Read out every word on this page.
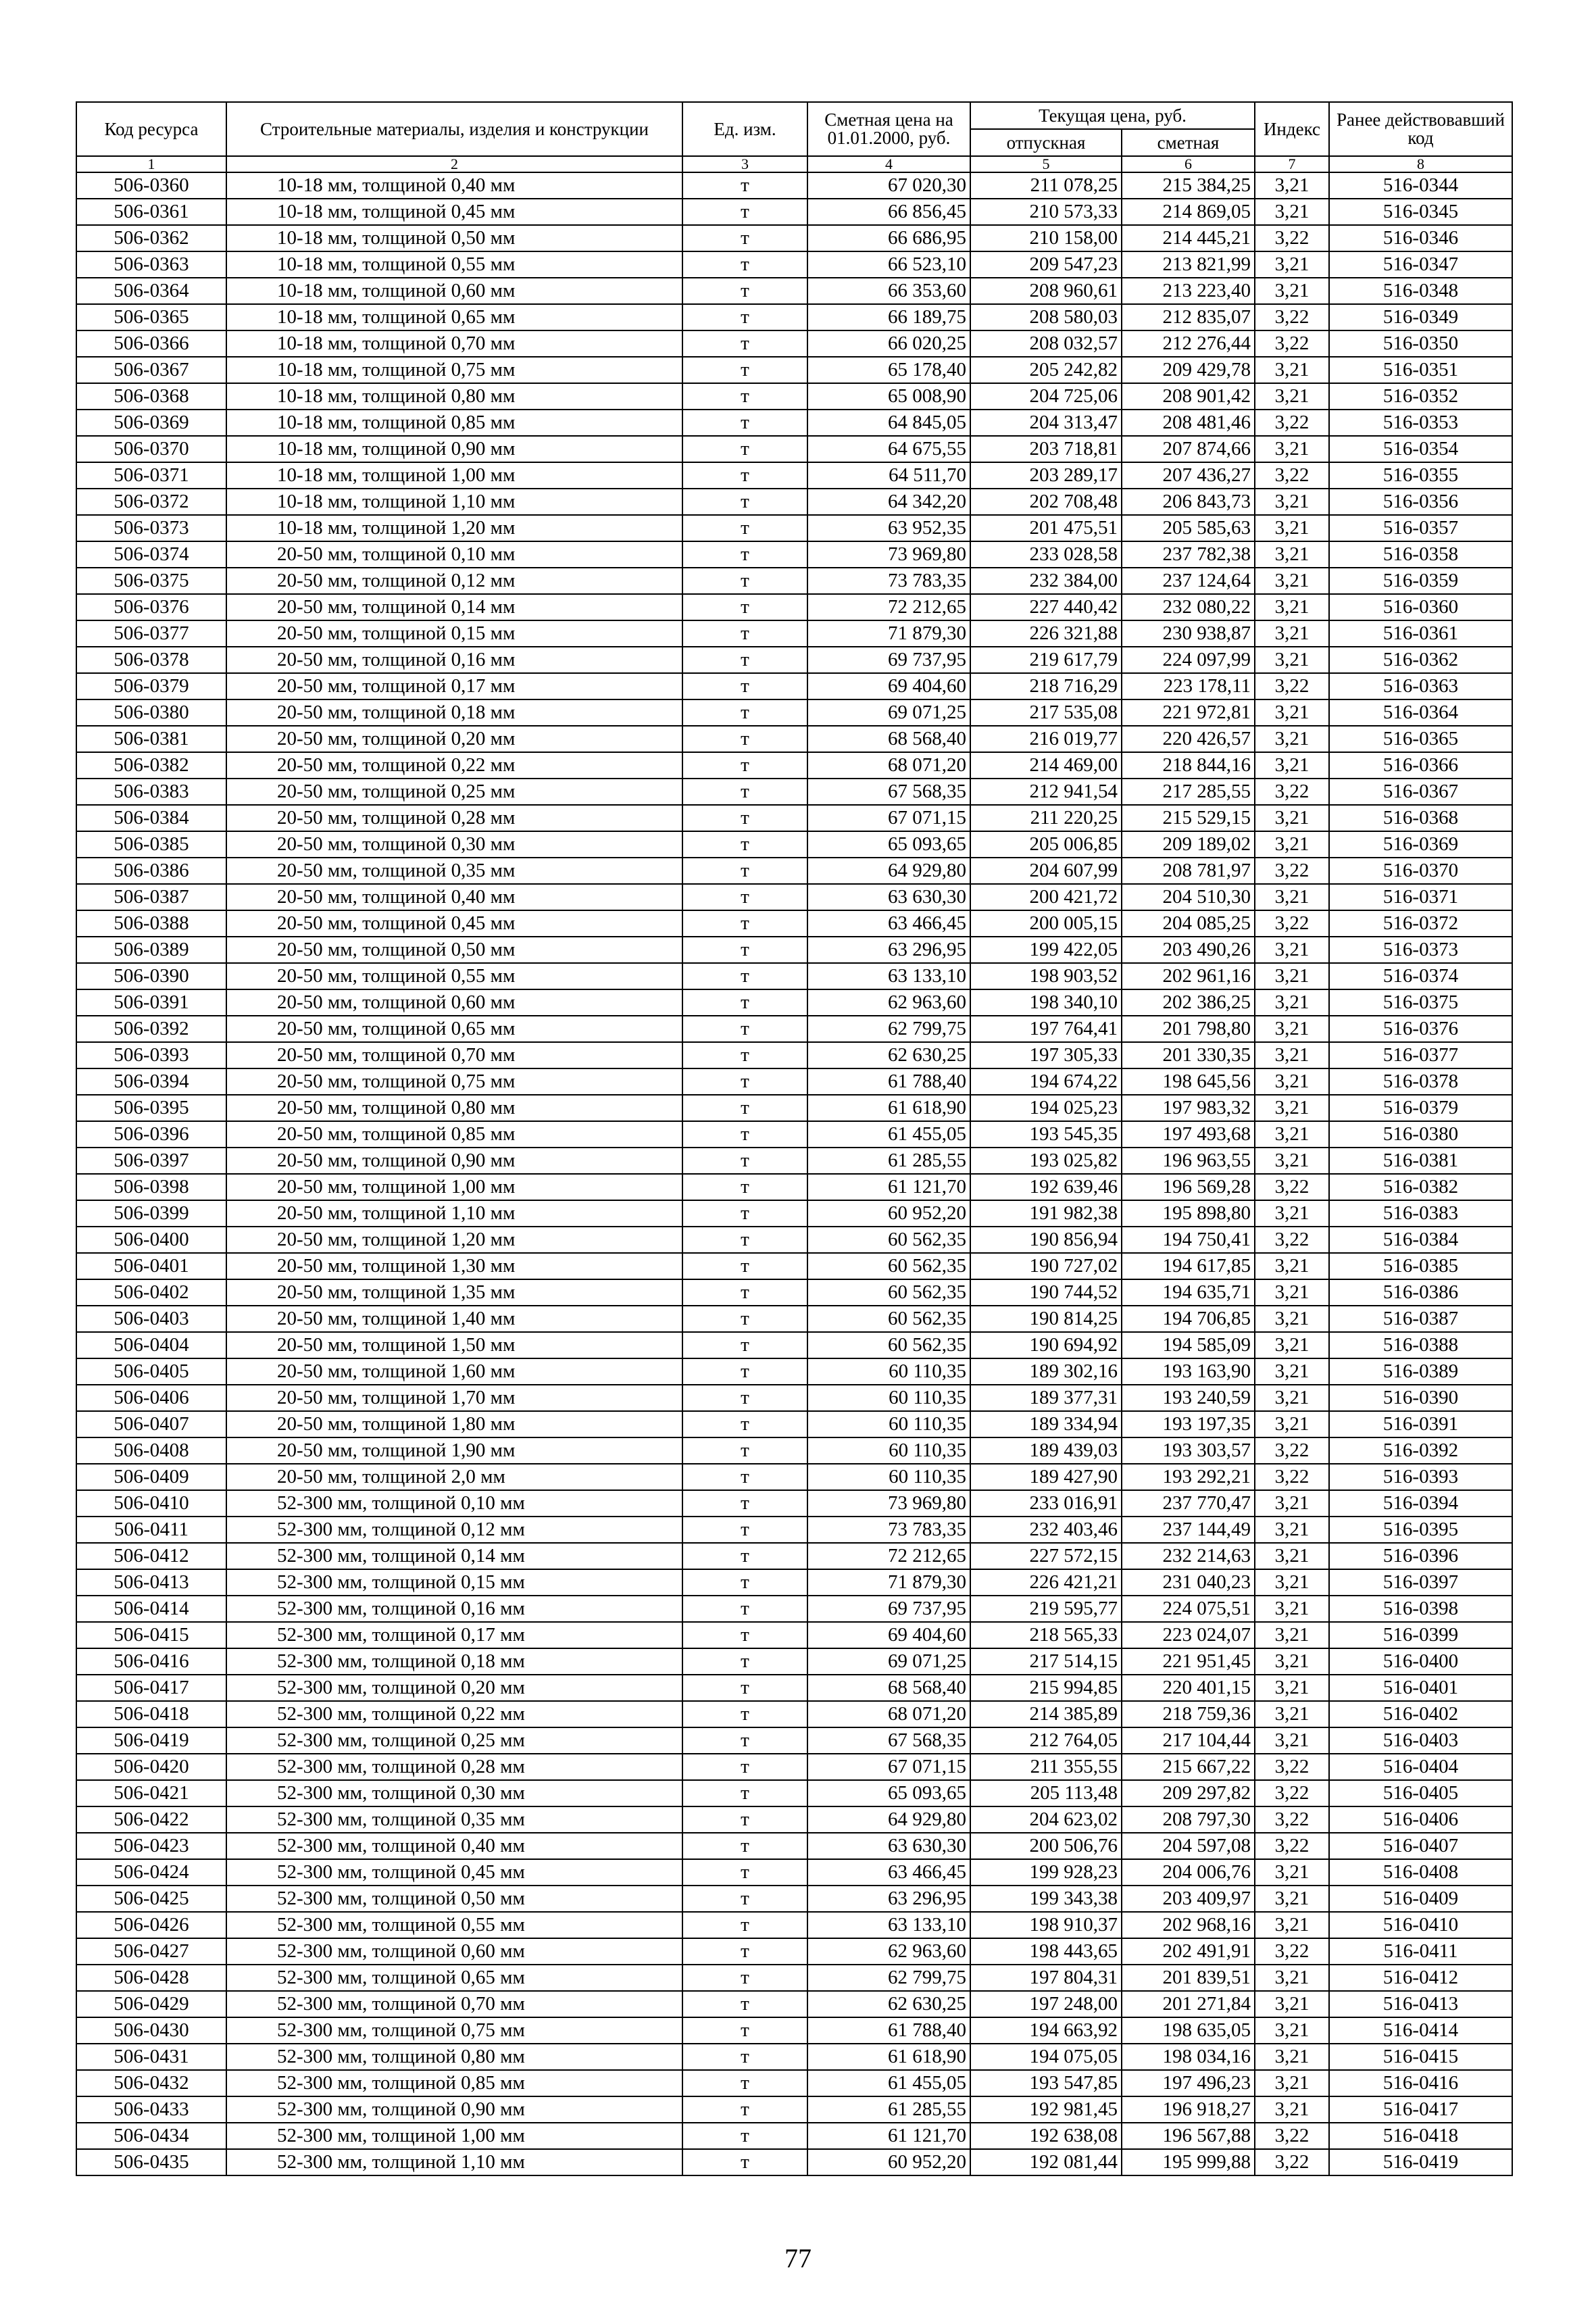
Код ресурса	Строительные материалы, изделия и конструкции	Ед. изм.	Сметная цена на 01.01.2000, руб.	Текущая цена, руб.		Индекс	Ранее действовавший код
				отпускная	сметная		
1	2	3	4	5	6	7	8
506-0360	10-18 мм, толщиной 0,40 мм	т	67 020,30	211 078,25	215 384,25	3,21	516-0344
506-0361	10-18 мм, толщиной 0,45 мм	т	66 856,45	210 573,33	214 869,05	3,21	516-0345
506-0362	10-18 мм, толщиной 0,50 мм	т	66 686,95	210 158,00	214 445,21	3,22	516-0346
506-0363	10-18 мм, толщиной 0,55 мм	т	66 523,10	209 547,23	213 821,99	3,21	516-0347
506-0364	10-18 мм, толщиной 0,60 мм	т	66 353,60	208 960,61	213 223,40	3,21	516-0348
506-0365	10-18 мм, толщиной 0,65 мм	т	66 189,75	208 580,03	212 835,07	3,22	516-0349
506-0366	10-18 мм, толщиной 0,70 мм	т	66 020,25	208 032,57	212 276,44	3,22	516-0350
506-0367	10-18 мм, толщиной 0,75 мм	т	65 178,40	205 242,82	209 429,78	3,21	516-0351
506-0368	10-18 мм, толщиной 0,80 мм	т	65 008,90	204 725,06	208 901,42	3,21	516-0352
506-0369	10-18 мм, толщиной 0,85 мм	т	64 845,05	204 313,47	208 481,46	3,22	516-0353
506-0370	10-18 мм, толщиной 0,90 мм	т	64 675,55	203 718,81	207 874,66	3,21	516-0354
506-0371	10-18 мм, толщиной 1,00 мм	т	64 511,70	203 289,17	207 436,27	3,22	516-0355
506-0372	10-18 мм, толщиной 1,10 мм	т	64 342,20	202 708,48	206 843,73	3,21	516-0356
506-0373	10-18 мм, толщиной 1,20 мм	т	63 952,35	201 475,51	205 585,63	3,21	516-0357
506-0374	20-50 мм, толщиной 0,10 мм	т	73 969,80	233 028,58	237 782,38	3,21	516-0358
506-0375	20-50 мм, толщиной 0,12 мм	т	73 783,35	232 384,00	237 124,64	3,21	516-0359
506-0376	20-50 мм, толщиной 0,14 мм	т	72 212,65	227 440,42	232 080,22	3,21	516-0360
506-0377	20-50 мм, толщиной 0,15 мм	т	71 879,30	226 321,88	230 938,87	3,21	516-0361
506-0378	20-50 мм, толщиной 0,16 мм	т	69 737,95	219 617,79	224 097,99	3,21	516-0362
506-0379	20-50 мм, толщиной 0,17 мм	т	69 404,60	218 716,29	223 178,11	3,22	516-0363
506-0380	20-50 мм, толщиной 0,18 мм	т	69 071,25	217 535,08	221 972,81	3,21	516-0364
506-0381	20-50 мм, толщиной 0,20 мм	т	68 568,40	216 019,77	220 426,57	3,21	516-0365
506-0382	20-50 мм, толщиной 0,22 мм	т	68 071,20	214 469,00	218 844,16	3,21	516-0366
506-0383	20-50 мм, толщиной 0,25 мм	т	67 568,35	212 941,54	217 285,55	3,22	516-0367
506-0384	20-50 мм, толщиной 0,28 мм	т	67 071,15	211 220,25	215 529,15	3,21	516-0368
506-0385	20-50 мм, толщиной 0,30 мм	т	65 093,65	205 006,85	209 189,02	3,21	516-0369
506-0386	20-50 мм, толщиной 0,35 мм	т	64 929,80	204 607,99	208 781,97	3,22	516-0370
506-0387	20-50 мм, толщиной 0,40 мм	т	63 630,30	200 421,72	204 510,30	3,21	516-0371
506-0388	20-50 мм, толщиной 0,45 мм	т	63 466,45	200 005,15	204 085,25	3,22	516-0372
506-0389	20-50 мм, толщиной 0,50 мм	т	63 296,95	199 422,05	203 490,26	3,21	516-0373
506-0390	20-50 мм, толщиной 0,55 мм	т	63 133,10	198 903,52	202 961,16	3,21	516-0374
506-0391	20-50 мм, толщиной 0,60 мм	т	62 963,60	198 340,10	202 386,25	3,21	516-0375
506-0392	20-50 мм, толщиной 0,65 мм	т	62 799,75	197 764,41	201 798,80	3,21	516-0376
506-0393	20-50 мм, толщиной 0,70 мм	т	62 630,25	197 305,33	201 330,35	3,21	516-0377
506-0394	20-50 мм, толщиной 0,75 мм	т	61 788,40	194 674,22	198 645,56	3,21	516-0378
506-0395	20-50 мм, толщиной 0,80 мм	т	61 618,90	194 025,23	197 983,32	3,21	516-0379
506-0396	20-50 мм, толщиной 0,85 мм	т	61 455,05	193 545,35	197 493,68	3,21	516-0380
506-0397	20-50 мм, толщиной 0,90 мм	т	61 285,55	193 025,82	196 963,55	3,21	516-0381
506-0398	20-50 мм, толщиной 1,00 мм	т	61 121,70	192 639,46	196 569,28	3,22	516-0382
506-0399	20-50 мм, толщиной 1,10 мм	т	60 952,20	191 982,38	195 898,80	3,21	516-0383
506-0400	20-50 мм, толщиной 1,20 мм	т	60 562,35	190 856,94	194 750,41	3,22	516-0384
506-0401	20-50 мм, толщиной 1,30 мм	т	60 562,35	190 727,02	194 617,85	3,21	516-0385
506-0402	20-50 мм, толщиной 1,35 мм	т	60 562,35	190 744,52	194 635,71	3,21	516-0386
506-0403	20-50 мм, толщиной 1,40 мм	т	60 562,35	190 814,25	194 706,85	3,21	516-0387
506-0404	20-50 мм, толщиной 1,50 мм	т	60 562,35	190 694,92	194 585,09	3,21	516-0388
506-0405	20-50 мм, толщиной 1,60 мм	т	60 110,35	189 302,16	193 163,90	3,21	516-0389
506-0406	20-50 мм, толщиной 1,70 мм	т	60 110,35	189 377,31	193 240,59	3,21	516-0390
506-0407	20-50 мм, толщиной 1,80 мм	т	60 110,35	189 334,94	193 197,35	3,21	516-0391
506-0408	20-50 мм, толщиной 1,90 мм	т	60 110,35	189 439,03	193 303,57	3,22	516-0392
506-0409	20-50 мм, толщиной 2,0 мм	т	60 110,35	189 427,90	193 292,21	3,22	516-0393
506-0410	52-300 мм, толщиной 0,10 мм	т	73 969,80	233 016,91	237 770,47	3,21	516-0394
506-0411	52-300 мм, толщиной 0,12 мм	т	73 783,35	232 403,46	237 144,49	3,21	516-0395
506-0412	52-300 мм, толщиной 0,14 мм	т	72 212,65	227 572,15	232 214,63	3,21	516-0396
506-0413	52-300 мм, толщиной 0,15 мм	т	71 879,30	226 421,21	231 040,23	3,21	516-0397
506-0414	52-300 мм, толщиной 0,16 мм	т	69 737,95	219 595,77	224 075,51	3,21	516-0398
506-0415	52-300 мм, толщиной 0,17 мм	т	69 404,60	218 565,33	223 024,07	3,21	516-0399
506-0416	52-300 мм, толщиной 0,18 мм	т	69 071,25	217 514,15	221 951,45	3,21	516-0400
506-0417	52-300 мм, толщиной 0,20 мм	т	68 568,40	215 994,85	220 401,15	3,21	516-0401
506-0418	52-300 мм, толщиной 0,22 мм	т	68 071,20	214 385,89	218 759,36	3,21	516-0402
506-0419	52-300 мм, толщиной 0,25 мм	т	67 568,35	212 764,05	217 104,44	3,21	516-0403
506-0420	52-300 мм, толщиной 0,28 мм	т	67 071,15	211 355,55	215 667,22	3,22	516-0404
506-0421	52-300 мм, толщиной 0,30 мм	т	65 093,65	205 113,48	209 297,82	3,22	516-0405
506-0422	52-300 мм, толщиной 0,35 мм	т	64 929,80	204 623,02	208 797,30	3,22	516-0406
506-0423	52-300 мм, толщиной 0,40 мм	т	63 630,30	200 506,76	204 597,08	3,22	516-0407
506-0424	52-300 мм, толщиной 0,45 мм	т	63 466,45	199 928,23	204 006,76	3,21	516-0408
506-0425	52-300 мм, толщиной 0,50 мм	т	63 296,95	199 343,38	203 409,97	3,21	516-0409
506-0426	52-300 мм, толщиной 0,55 мм	т	63 133,10	198 910,37	202 968,16	3,21	516-0410
506-0427	52-300 мм, толщиной 0,60 мм	т	62 963,60	198 443,65	202 491,91	3,22	516-0411
506-0428	52-300 мм, толщиной 0,65 мм	т	62 799,75	197 804,31	201 839,51	3,21	516-0412
506-0429	52-300 мм, толщиной 0,70 мм	т	62 630,25	197 248,00	201 271,84	3,21	516-0413
506-0430	52-300 мм, толщиной 0,75 мм	т	61 788,40	194 663,92	198 635,05	3,21	516-0414
506-0431	52-300 мм, толщиной 0,80 мм	т	61 618,90	194 075,05	198 034,16	3,21	516-0415
506-0432	52-300 мм, толщиной 0,85 мм	т	61 455,05	193 547,85	197 496,23	3,21	516-0416
506-0433	52-300 мм, толщиной 0,90 мм	т	61 285,55	192 981,45	196 918,27	3,21	516-0417
506-0434	52-300 мм, толщиной 1,00 мм	т	61 121,70	192 638,08	196 567,88	3,22	516-0418
506-0435	52-300 мм, толщиной 1,10 мм	т	60 952,20	192 081,44	195 999,88	3,22	516-0419
77
